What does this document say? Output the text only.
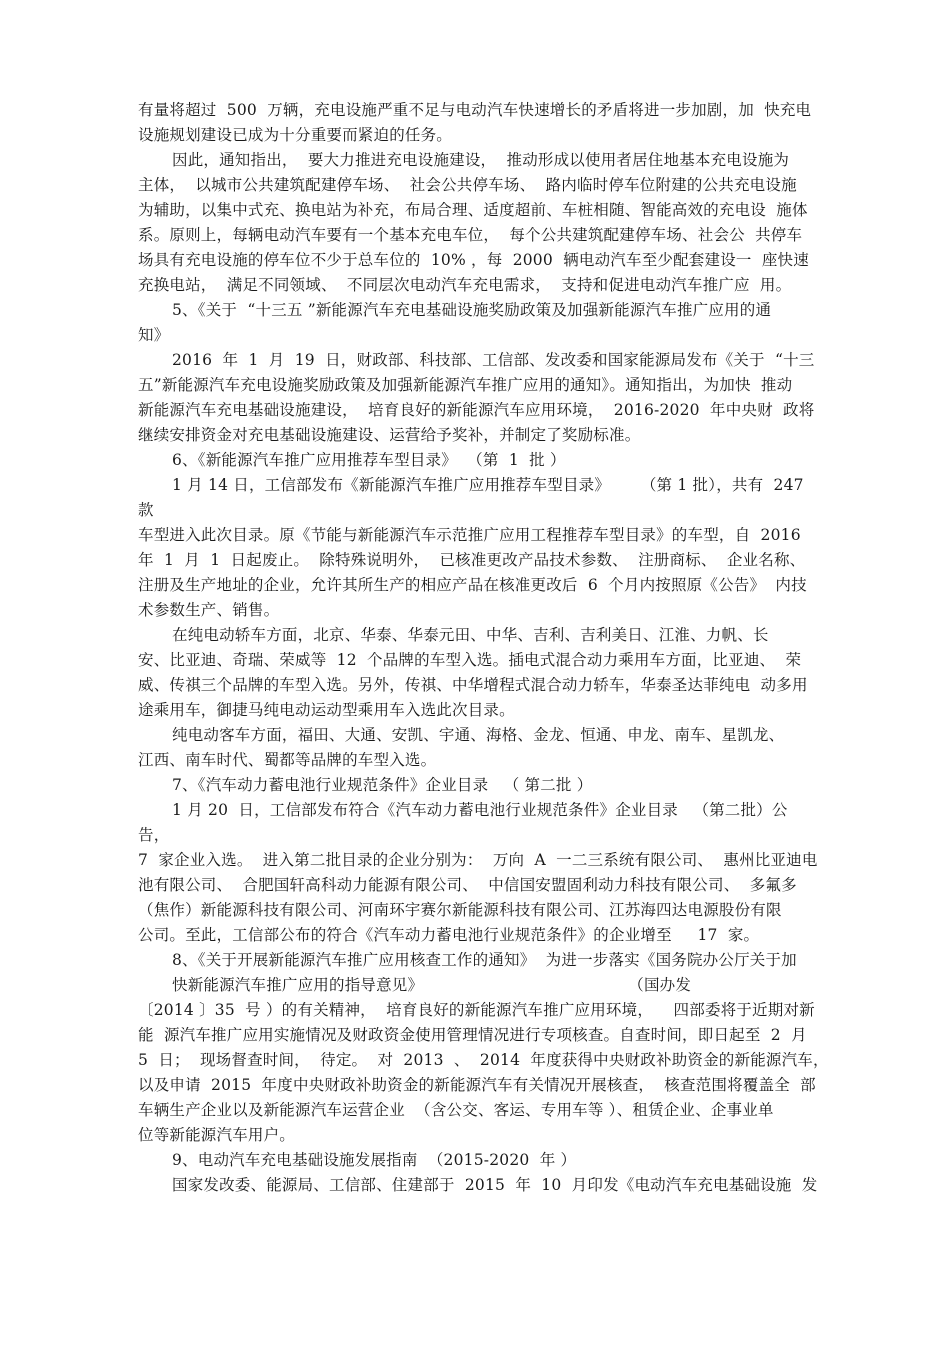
有量将超过  500  万辆，充电设施严重不足与电动汽车快速增长的矛盾将进一步加剧，加  快充电
设施规划建设已成为十分重要而紧迫的任务。
因此，通知指出，  要大力推进充电设施建设，  推动形成以使用者居住地基本充电设施为
主体，  以城市公共建筑配建停车场、  社会公共停车场、  路内临时停车位附建的公共充电设施
为辅助，以集中式充、换电站为补充，布局合理、适度超前、车桩相随、智能高效的充电设  施体
系。原则上，每辆电动汽车要有一个基本充电车位，  每个公共建筑配建停车场、社会公  共停车
场具有充电设施的停车位不少于总车位的  10% ，每  2000  辆电动汽车至少配套建设一  座快速
充换电站，  满足不同领域、  不同层次电动汽车充电需求，  支持和促进电动汽车推广应  用。
5、《关于  “十三五 ”新能源汽车充电基础设施奖励政策及加强新能源汽车推广应用的通
知》
2016  年  1  月  19  日，财政部、科技部、工信部、发改委和国家能源局发布《关于  “十三
五”新能源汽车充电设施奖励政策及加强新能源汽车推广应用的通知》。通知指出，为加快  推动
新能源汽车充电基础设施建设，  培育良好的新能源汽车应用环境，  2016-2020  年中央财  政将
继续安排资金对充电基础设施建设、运营给予奖补，并制定了奖励标准。
6、《新能源汽车推广应用推荐车型目录》  （第  1  批 ）
1 月 14 日，工信部发布《新能源汽车推广应用推荐车型目录》      （第 1 批），共有  247
款
车型进入此次目录。原《节能与新能源汽车示范推广应用工程推荐车型目录》的车型，自  2016
年  1  月  1  日起废止。  除特殊说明外，  已核准更改产品技术参数、  注册商标、  企业名称、
注册及生产地址的企业，允许其所生产的相应产品在核准更改后  6  个月内按照原《公告》  内技
术参数生产、销售。
在纯电动轿车方面，北京、华泰、华泰元田、中华、吉利、吉利美日、江淮、力帆、长
安、比亚迪、奇瑞、荣威等  12  个品牌的车型入选。插电式混合动力乘用车方面，比亚迪、  荣
威、传祺三个品牌的车型入选。另外，传祺、中华增程式混合动力轿车，华泰圣达菲纯电  动多用
途乘用车，御捷马纯电动运动型乘用车入选此次目录。
纯电动客车方面，福田、大通、安凯、宇通、海格、金龙、恒通、申龙、南车、星凯龙、
江西、南车时代、蜀都等品牌的车型入选。
7、《汽车动力蓄电池行业规范条件》企业目录   （ 第二批 ）
1 月 20  日，工信部发布符合《汽车动力蓄电池行业规范条件》企业目录   （第二批）公
告，
7  家企业入选。  进入第二批目录的企业分别为：  万向  A  一二三系统有限公司、  惠州比亚迪电
池有限公司、  合肥国轩高科动力能源有限公司、  中信国安盟固利动力科技有限公司、  多氟多
（焦作）新能源科技有限公司、河南环宇赛尔新能源科技有限公司、江苏海四达电源股份有限
公司。至此，工信部公布的符合《汽车动力蓄电池行业规范条件》的企业增至     17  家。
8、《关于开展新能源汽车推广应用核查工作的通知》  为进一步落实《国务院办公厅关于加
快新能源汽车推广应用的指导意见》                                        （国办发
〔2014 〕35  号 ）的有关精神，  培育良好的新能源汽车推广应用环境，    四部委将于近期对新
能  源汽车推广应用实施情况及财政资金使用管理情况进行专项核查。自查时间，即日起至  2  月
5  日；  现场督查时间，  待定。  对  2013  、  2014  年度获得中央财政补助资金的新能源汽车，
以及申请  2015  年度中央财政补助资金的新能源汽车有关情况开展核查，  核查范围将覆盖全  部
车辆生产企业以及新能源汽车运营企业  （含公交、客运、专用车等 ）、租赁企业、企事业单
位等新能源汽车用户。
9、电动汽车充电基础设施发展指南  （2015-2020  年 ）
国家发改委、能源局、工信部、住建部于  2015  年  10  月印发《电动汽车充电基础设施  发
